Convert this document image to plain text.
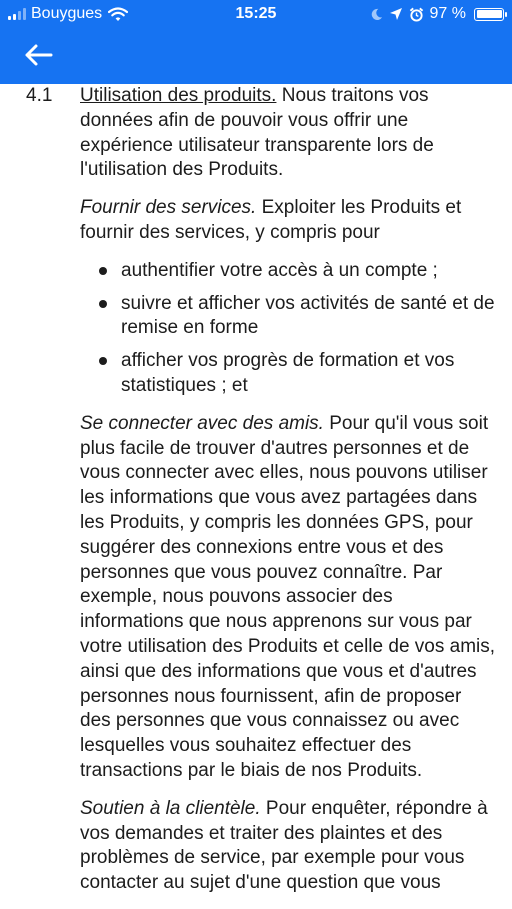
Bouygues	15:25	97 %
4.1 Utilisation des produits. Nous traitons vos données afin de pouvoir vous offrir une expérience utilisateur transparente lors de l'utilisation des Produits.

Fournir des services. Exploiter les Produits et fournir des services, y compris pour

authentifier votre accès à un compte ;
suivre et afficher vos activités de santé et de remise en forme
afficher vos progrès de formation et vos statistiques ; et

Se connecter avec des amis. Pour qu'il vous soit plus facile de trouver d'autres personnes et de vous connecter avec elles, nous pouvons utiliser les informations que vous avez partagées dans les Produits, y compris les données GPS, pour suggérer des connexions entre vous et des personnes que vous pouvez connaître. Par exemple, nous pouvons associer des informations que nous apprenons sur vous par votre utilisation des Produits et celle de vos amis, ainsi que des informations que vous et d'autres personnes nous fournissent, afin de proposer des personnes que vous connaissez ou avec lesquelles vous souhaitez effectuer des transactions par le biais de nos Produits.

Soutien à la clientèle. Pour enquêter, répondre à vos demandes et traiter des plaintes et des problèmes de service, par exemple pour vous contacter au sujet d'une question que vous
